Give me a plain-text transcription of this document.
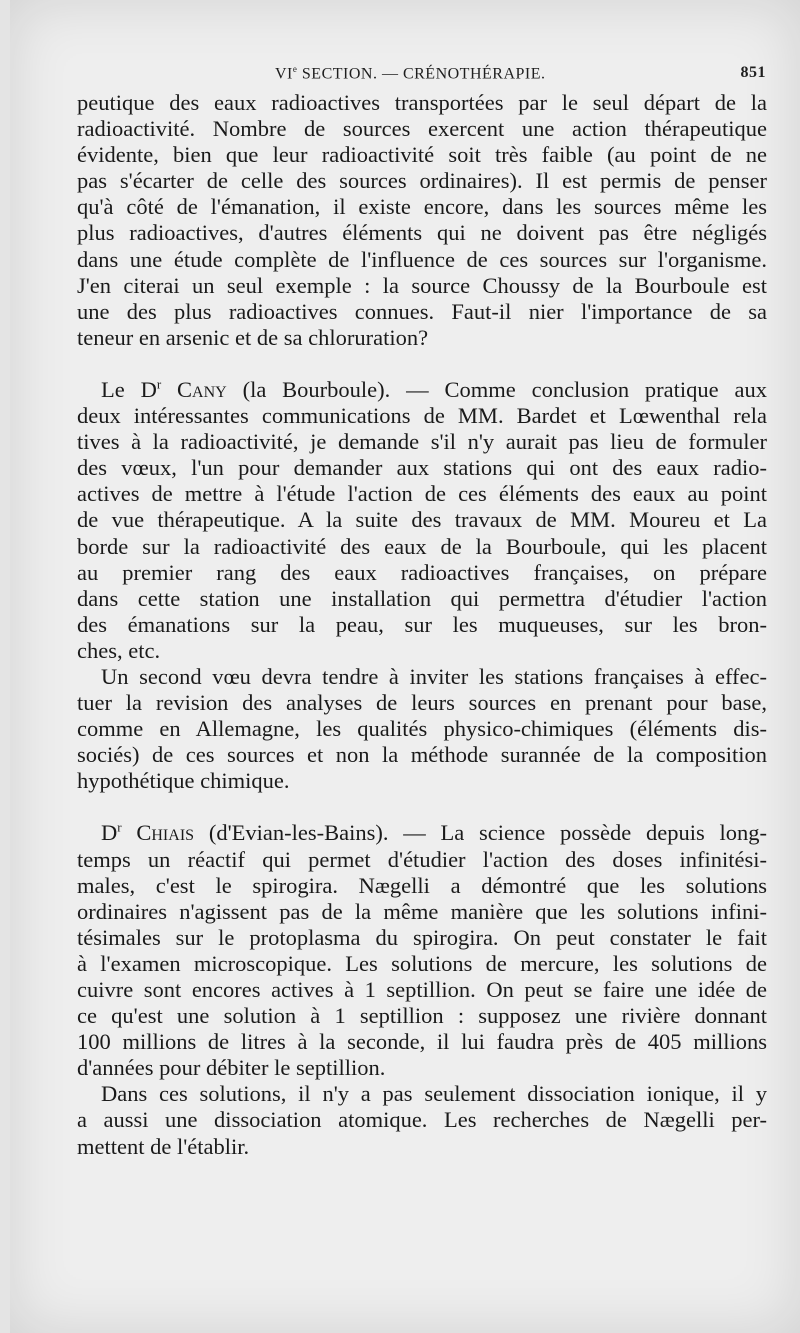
VIe SECTION. — CRÉNOTHÉRAPIE.	851

peutique des eaux radioactives transportées par le seul départ de la

radioactivité. Nombre de sources exercent une action thérapeutique

évidente, bien que leur radioactivité soit très faible (au point de ne

pas s'écarter de celle des sources ordinaires). Il est permis de penser

qu'à côté de l'émanation, il existe encore, dans les sources même les

plus radioactives, d'autres éléments qui ne doivent pas être négligés

dans une étude complète de l'influence de ces sources sur l'organisme.

J'en citerai un seul exemple : la source Choussy de la Bourboule est

une des plus radioactives connues. Faut-il nier l'importance de sa

teneur en arsenic et de sa chloruration?

Le $D^r$ Cany (la Bourboule). — Comme conclusion pratique aux

deux intéressantes communications de MM. Bardet et Lœwenthal rela

tives à la radioactivité, je demande s'il n'y aurait pas lieu de formuler

des vœux, l'un pour demander aux stations qui ont des eaux radio-

actives de mettre à l'étude l'action de ces éléments des eaux au point

de vue thérapeutique. A la suite des travaux de MM. Moureu et La

borde sur la radioactivité des eaux de la Bourboule, qui les placent

au premier rang des eaux radioactives françaises, on prépare

dans cette station une installation qui permettra d'étudier l'action

des émanations sur la peau, sur les muqueuses, sur les bron-

ches, etc.

Un second vœu devra tendre à inviter les stations françaises à effec-

tuer la revision des analyses de leurs sources en prenant pour base,

comme en Allemagne, les qualités physico-chimiques (éléments dis-

sociés) de ces sources et non la méthode surannée de la composition

hypothétique chimique.

$D^r$ Chiais (d'Evian-les-Bains). — La science possède depuis long-

temps un réactif qui permet d'étudier l'action des doses infinitési-

males, c'est le spirogira. Nægelli a démontré que les solutions

ordinaires n'agissent pas de la même manière que les solutions infini-

tésimales sur le protoplasma du spirogira. On peut constater le fait

à l'examen microscopique. Les solutions de mercure, les solutions de

cuivre sont encores actives à 1 septillion. On peut se faire une idée de

ce qu'est une solution à 1 septillion : supposez une rivière donnant

100 millions de litres à la seconde, il lui faudra près de 405 millions

d'années pour débiter le septillion.

Dans ces solutions, il n'y a pas seulement dissociation ionique, il y

a aussi une dissociation atomique. Les recherches de Nægelli per-

mettent de l'établir.
